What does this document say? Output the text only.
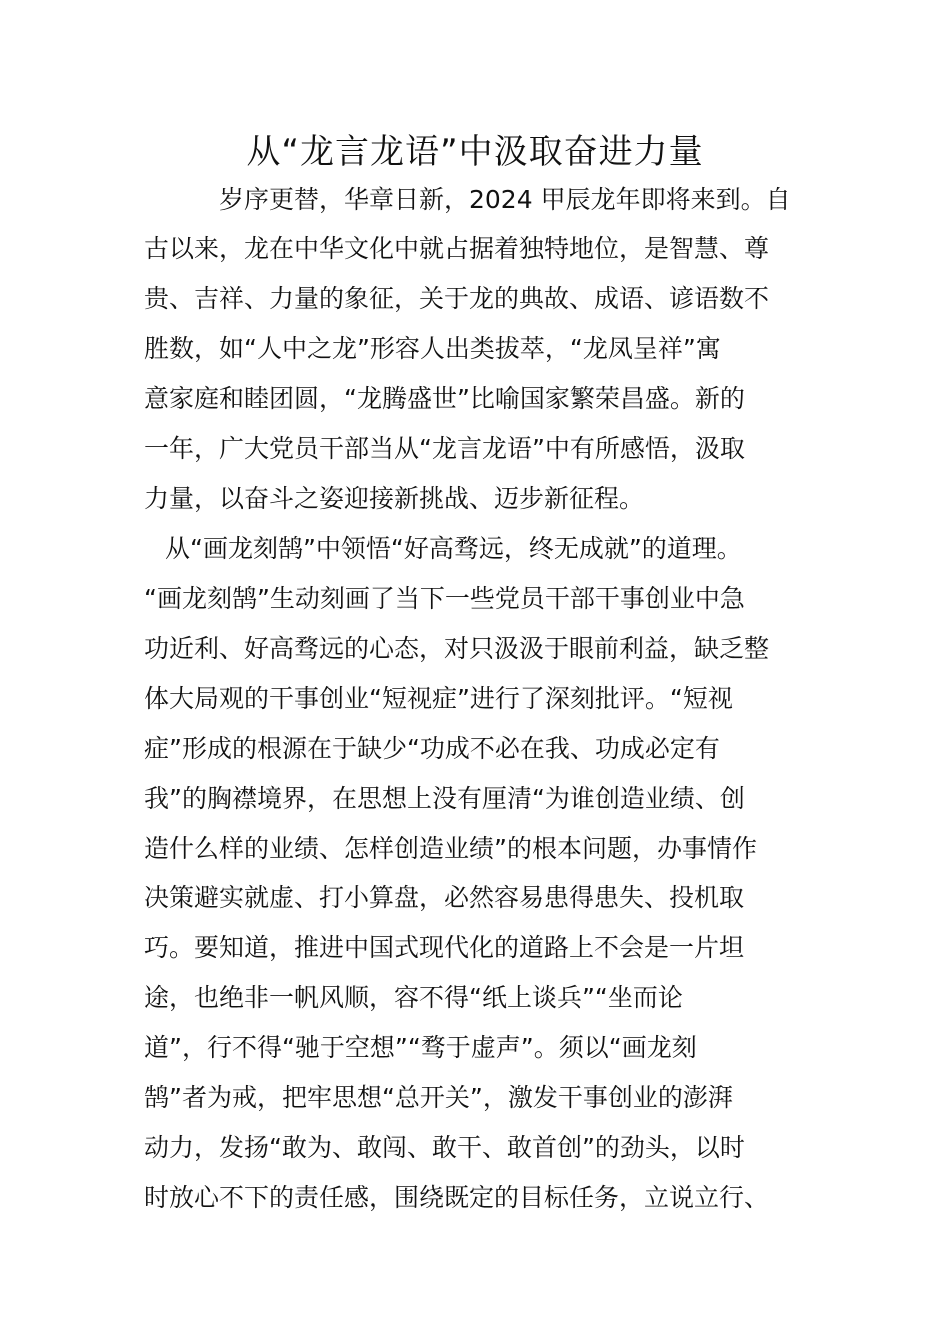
从“龙言龙语”中汲取奋进力量

岁序更替，华章日新，2024 甲辰龙年即将来到。自

古以来，龙在中华文化中就占据着独特地位，是智慧、尊

贵、吉祥、力量的象征，关于龙的典故、成语、谚语数不

胜数，如“人中之龙”形容人出类拔萃，“龙凤呈祥”寓

意家庭和睦团圆，“龙腾盛世”比喻国家繁荣昌盛。新的

一年，广大党员干部当从“龙言龙语”中有所感悟，汲取

力量，以奋斗之姿迎接新挑战、迈步新征程。

从“画龙刻鹄”中领悟“好高骛远，终无成就”的道理。

“画龙刻鹄”生动刻画了当下一些党员干部干事创业中急

功近利、好高骛远的心态，对只汲汲于眼前利益，缺乏整

体大局观的干事创业“短视症”进行了深刻批评。“短视

症”形成的根源在于缺少“功成不必在我、功成必定有

我”的胸襟境界，在思想上没有厘清“为谁创造业绩、创

造什么样的业绩、怎样创造业绩”的根本问题，办事情作

决策避实就虚、打小算盘，必然容易患得患失、投机取

巧。要知道，推进中国式现代化的道路上不会是一片坦

途，也绝非一帆风顺，容不得“纸上谈兵”“坐而论

道”，行不得“驰于空想”“骛于虚声”。须以“画龙刻

鹄”者为戒，把牢思想“总开关”，激发干事创业的澎湃

动力，发扬“敢为、敢闯、敢干、敢首创”的劲头，以时

时放心不下的责任感，围绕既定的目标任务，立说立行、
